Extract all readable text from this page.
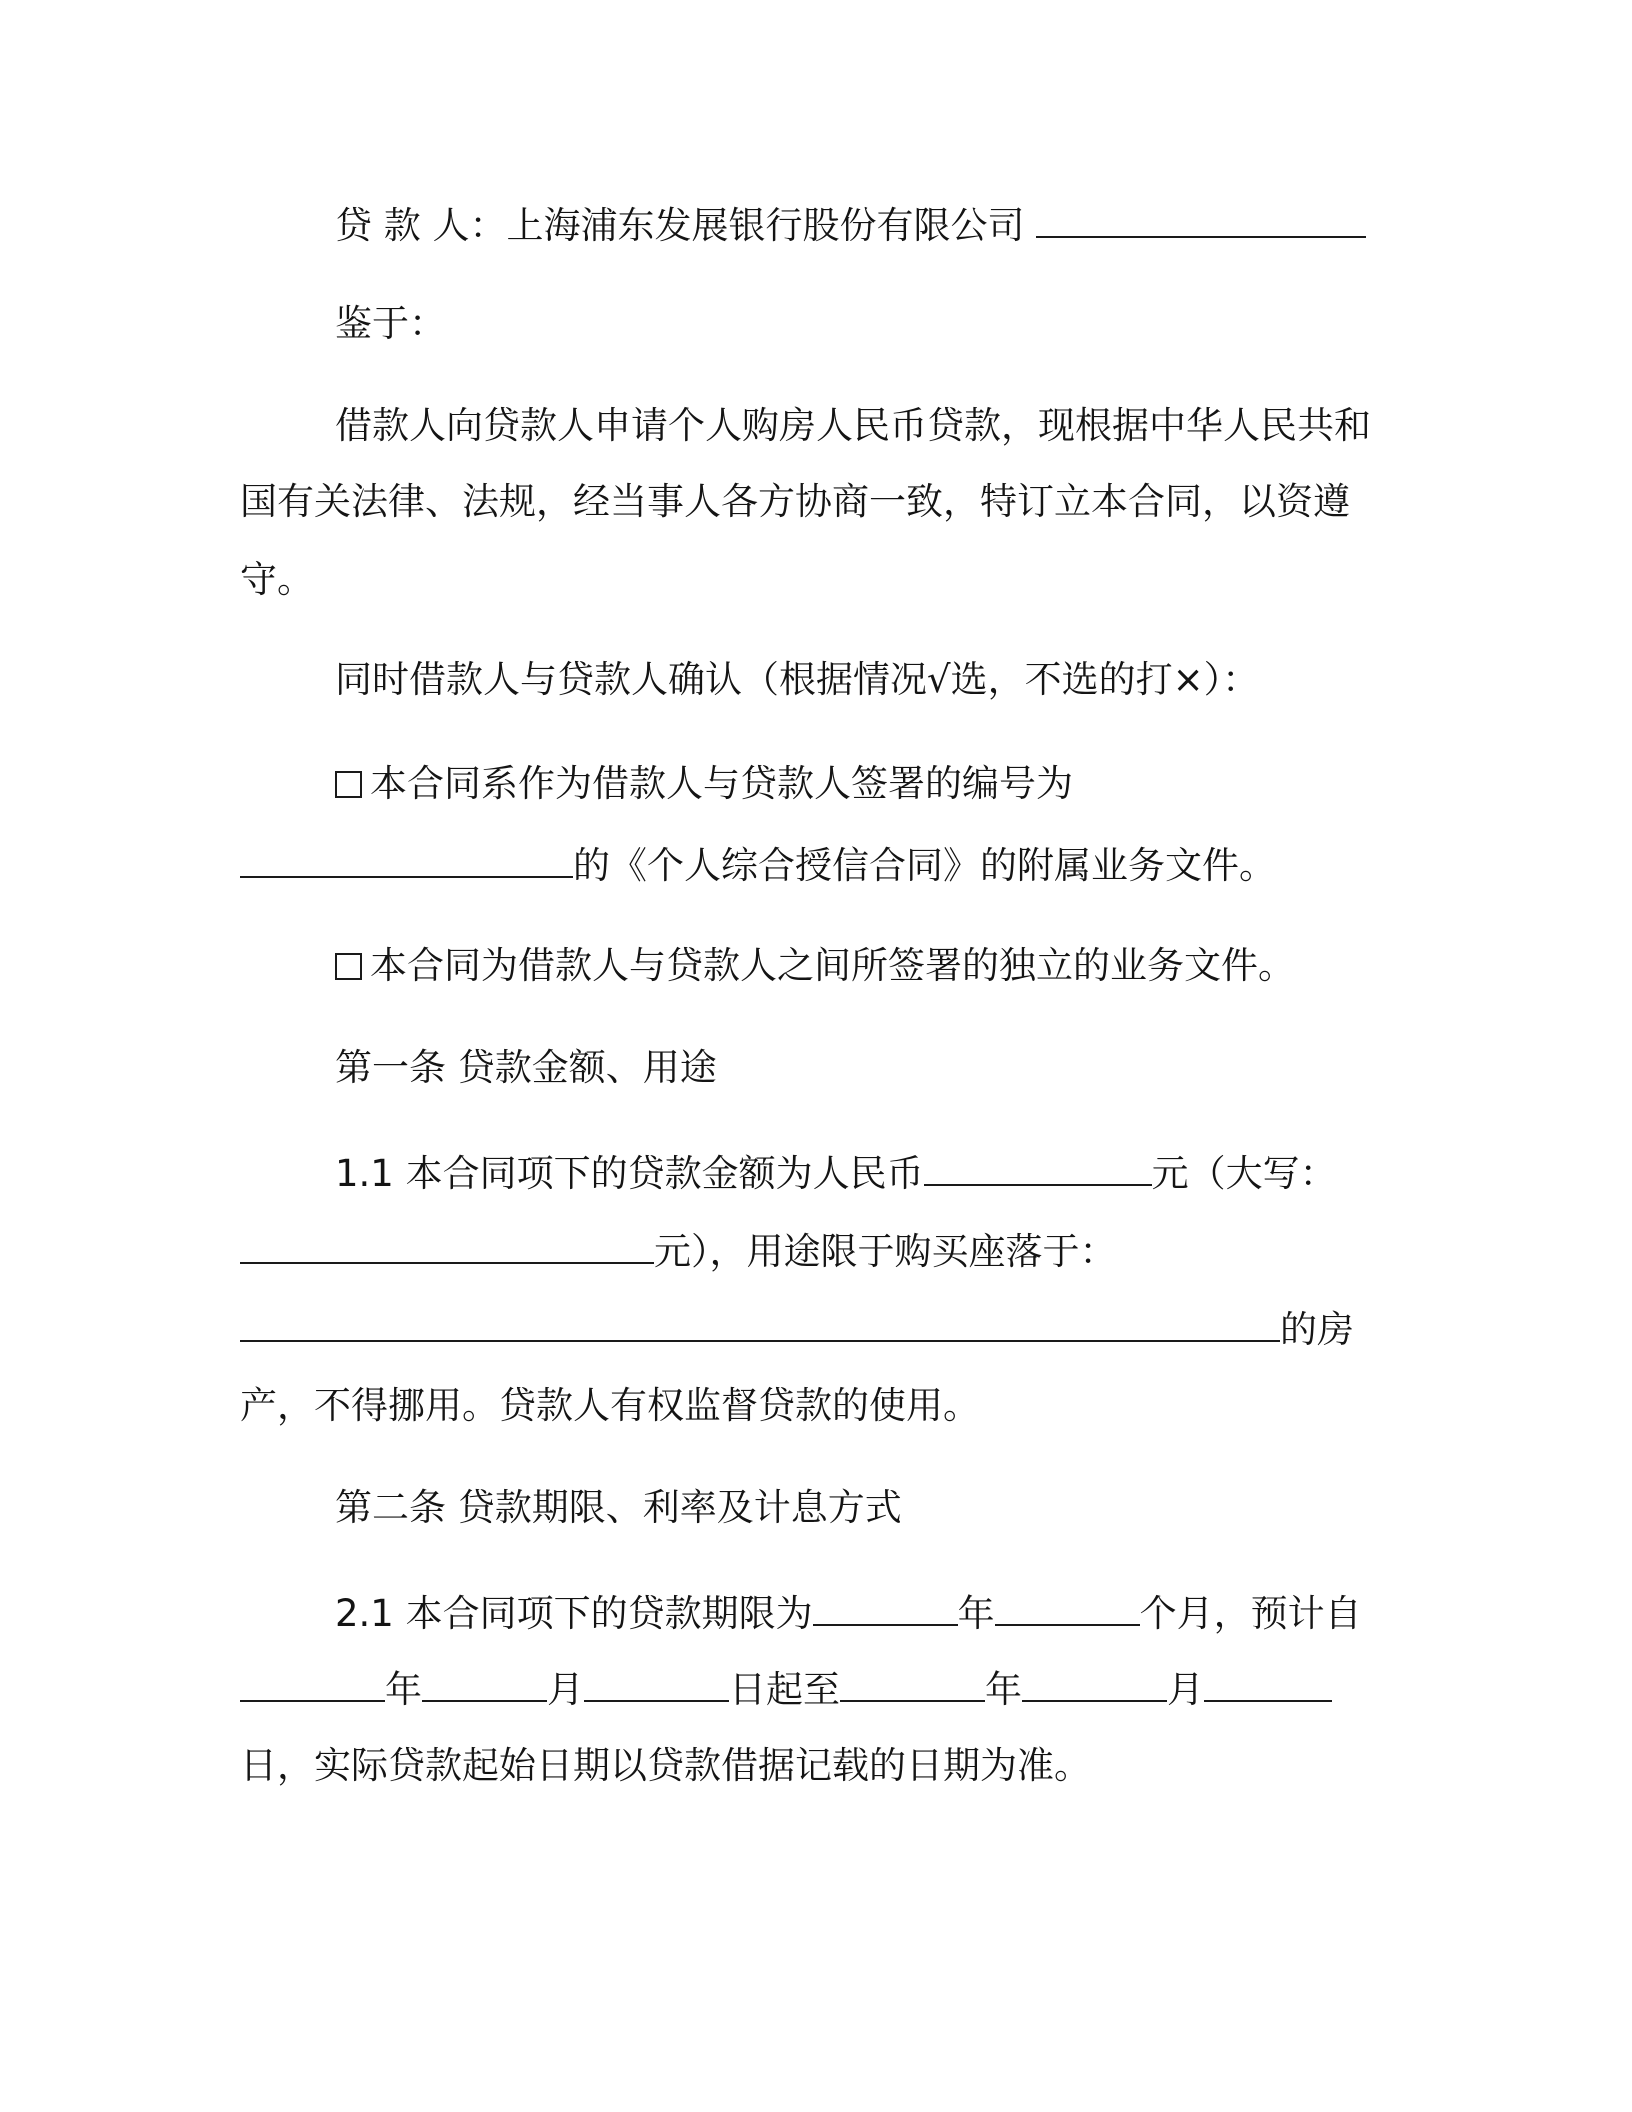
贷 款 人：上海浦东发展银行股份有限公司
鉴于：
借款人向贷款人申请个人购房人民币贷款，现根据中华人民共和
国有关法律、法规，经当事人各方协商一致，特订立本合同，以资遵
守。
同时借款人与贷款人确认（根据情况√选，不选的打×）：
本合同系作为借款人与贷款人签署的编号为
的《个人综合授信合同》的附属业务文件。
本合同为借款人与贷款人之间所签署的独立的业务文件。
第一条 贷款金额、用途
1.1 本合同项下的贷款金额为人民币	元（大写：
元），用途限于购买座落于：
的房
产，不得挪用。贷款人有权监督贷款的使用。
第二条 贷款期限、利率及计息方式
2.1 本合同项下的贷款期限为	年	个月，预计自
年	月	日起至	年	月
日，实际贷款起始日期以贷款借据记载的日期为准。
